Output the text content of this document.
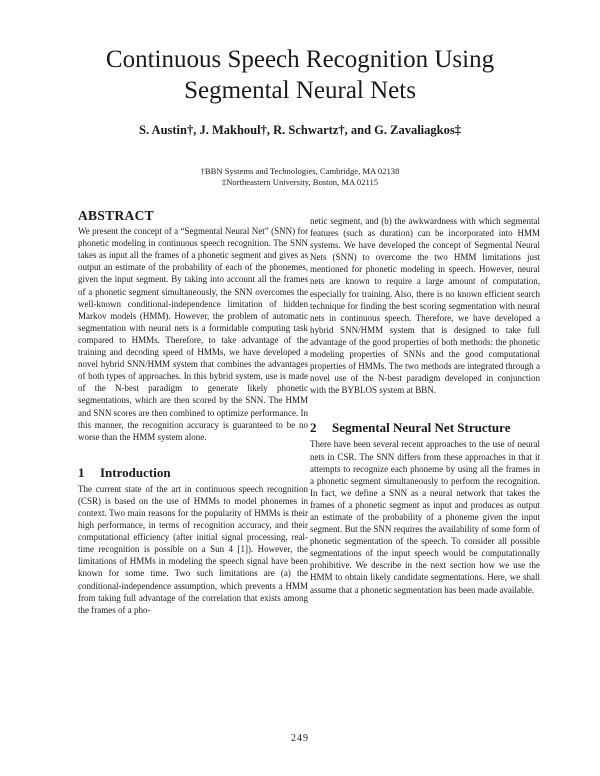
Continuous Speech Recognition Using
Segmental Neural Nets

S. Austin†, J. Makhoul†, R. Schwartz†, and G. Zavaliagkos‡

†BBN Systems and Technologies, Cambridge, MA 02138
‡Northeastern University, Boston, MA 02115
ABSTRACT

We present the concept of a “Segmental Neural Net” (SNN) for phonetic modeling in continuous speech recognition. The SNN takes as input all the frames of a phonetic segment and gives as output an estimate of the probability of each of the phonemes, given the input segment. By taking into account all the frames of a phonetic segment simultaneously, the SNN overcomes the well-known conditional-independence limitation of hidden Markov models (HMM). However, the problem of automatic segmentation with neural nets is a formidable computing task compared to HMMs. Therefore, to take advantage of the training and decoding speed of HMMs, we have developed a novel hybrid SNN/HMM system that combines the advantages of both types of approaches. In this hybrid system, use is made of the N-best paradigm to generate likely phonetic segmentations, which are then scored by the SNN. The HMM and SNN scores are then combined to optimize performance. In this manner, the recognition accuracy is guaranteed to be no worse than the HMM system alone.

1	Introduction

The current state of the art in continuous speech recognition (CSR) is based on the use of HMMs to model phonemes in context. Two main reasons for the popularity of HMMs is their high performance, in terms of recognition accuracy, and their computational efficiency (after initial signal processing, real-time recognition is possible on a Sun 4 [1]). However, the limitations of HMMs in modeling the speech signal have been known for some time. Two such limitations are (a) the conditional-independence assumption, which prevents a HMM from taking full advantage of the correlation that exists among the frames of a pho-

netic segment, and (b) the awkwardness with which segmental features (such as duration) can be incorporated into HMM systems. We have developed the concept of Segmental Neural Nets (SNN) to overcome the two HMM limitations just mentioned for phonetic modeling in speech. However, neural nets are known to require a large amount of computation, especially for training. Also, there is no known efficient search technique for finding the best scoring segmentation with neural nets in continuous speech. Therefore, we have developed a hybrid SNN/HMM system that is designed to take full advantage of the good properties of both methods: the phonetic modeling properties of SNNs and the good computational properties of HMMs. The two methods are integrated through a novel use of the N-best paradigm developed in conjunction with the BYBLOS system at BBN.

2	Segmental Neural Net Structure

There have been several recent approaches to the use of neural nets in CSR. The SNN differs from these approaches in that it attempts to recognize each phoneme by using all the frames in a phonetic segment simultaneously to perform the recognition. In fact, we define a SNN as a neural network that takes the frames of a phonetic segment as input and produces as output an estimate of the probability of a phoneme given the input segment. But the SNN requires the availability of some form of phonetic segmentation of the speech. To consider all possible segmentations of the input speech would be computationally prohibitive. We describe in the next section how we use the HMM to obtain likely candidate segmentations. Here, we shall assume that a phonetic segmentation has been made available.

249
